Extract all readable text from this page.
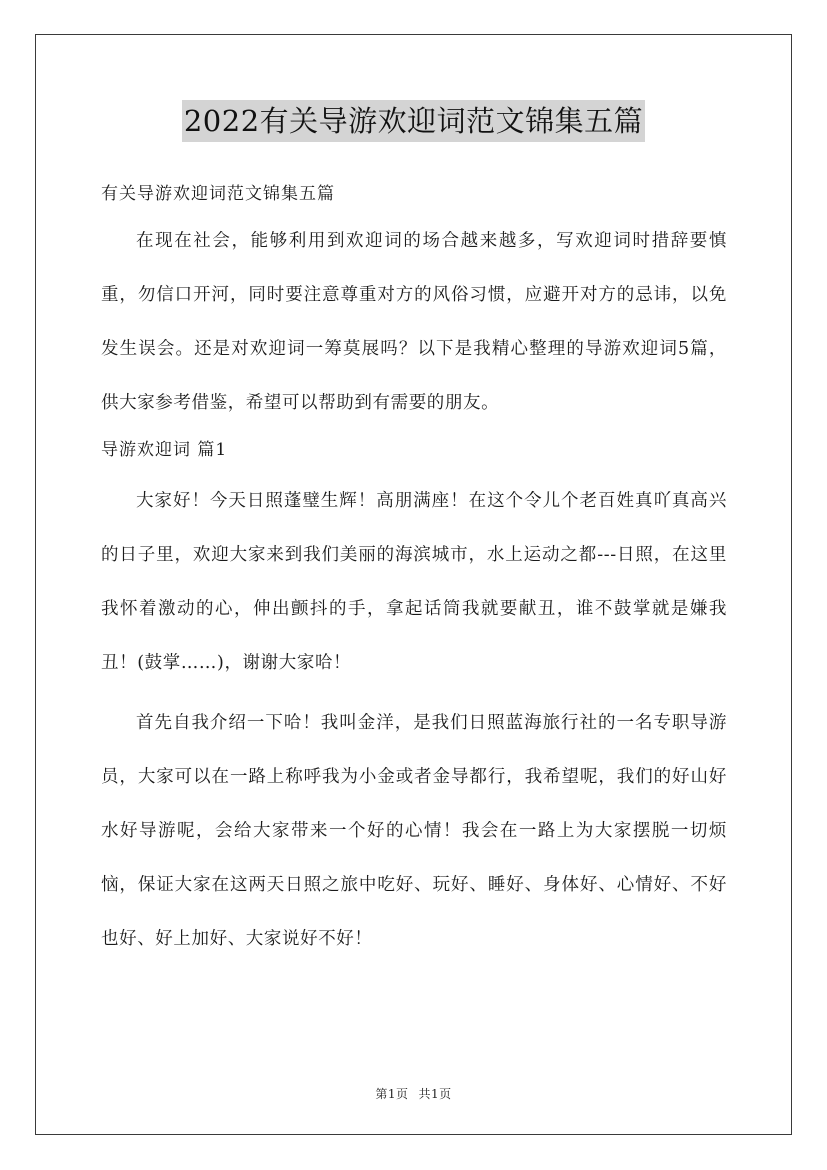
2022有关导游欢迎词范文锦集五篇

有关导游欢迎词范文锦集五篇

在现在社会，能够利用到欢迎词的场合越来越多，写欢迎词时措辞要慎重，勿信口开河，同时要注意尊重对方的风俗习惯，应避开对方的忌讳，以免发生误会。还是对欢迎词一筹莫展吗？以下是我精心整理的导游欢迎词5篇，供大家参考借鉴，希望可以帮助到有需要的朋友。

导游欢迎词 篇1

大家好！今天日照蓬璧生辉！高朋满座！在这个令儿个老百姓真吖真高兴的日子里，欢迎大家来到我们美丽的海滨城市，水上运动之都---日照，在这里我怀着激动的心，伸出颤抖的手，拿起话筒我就要献丑，谁不鼓掌就是嫌我丑！(鼓掌……)，谢谢大家哈！

首先自我介绍一下哈！我叫金洋，是我们日照蓝海旅行社的一名专职导游员，大家可以在一路上称呼我为小金或者金导都行，我希望呢，我们的好山好水好导游呢，会给大家带来一个好的心情！我会在一路上为大家摆脱一切烦恼，保证大家在这两天日照之旅中吃好、玩好、睡好、身体好、心情好、不好也好、好上加好、大家说好不好！

第1页 共1页
